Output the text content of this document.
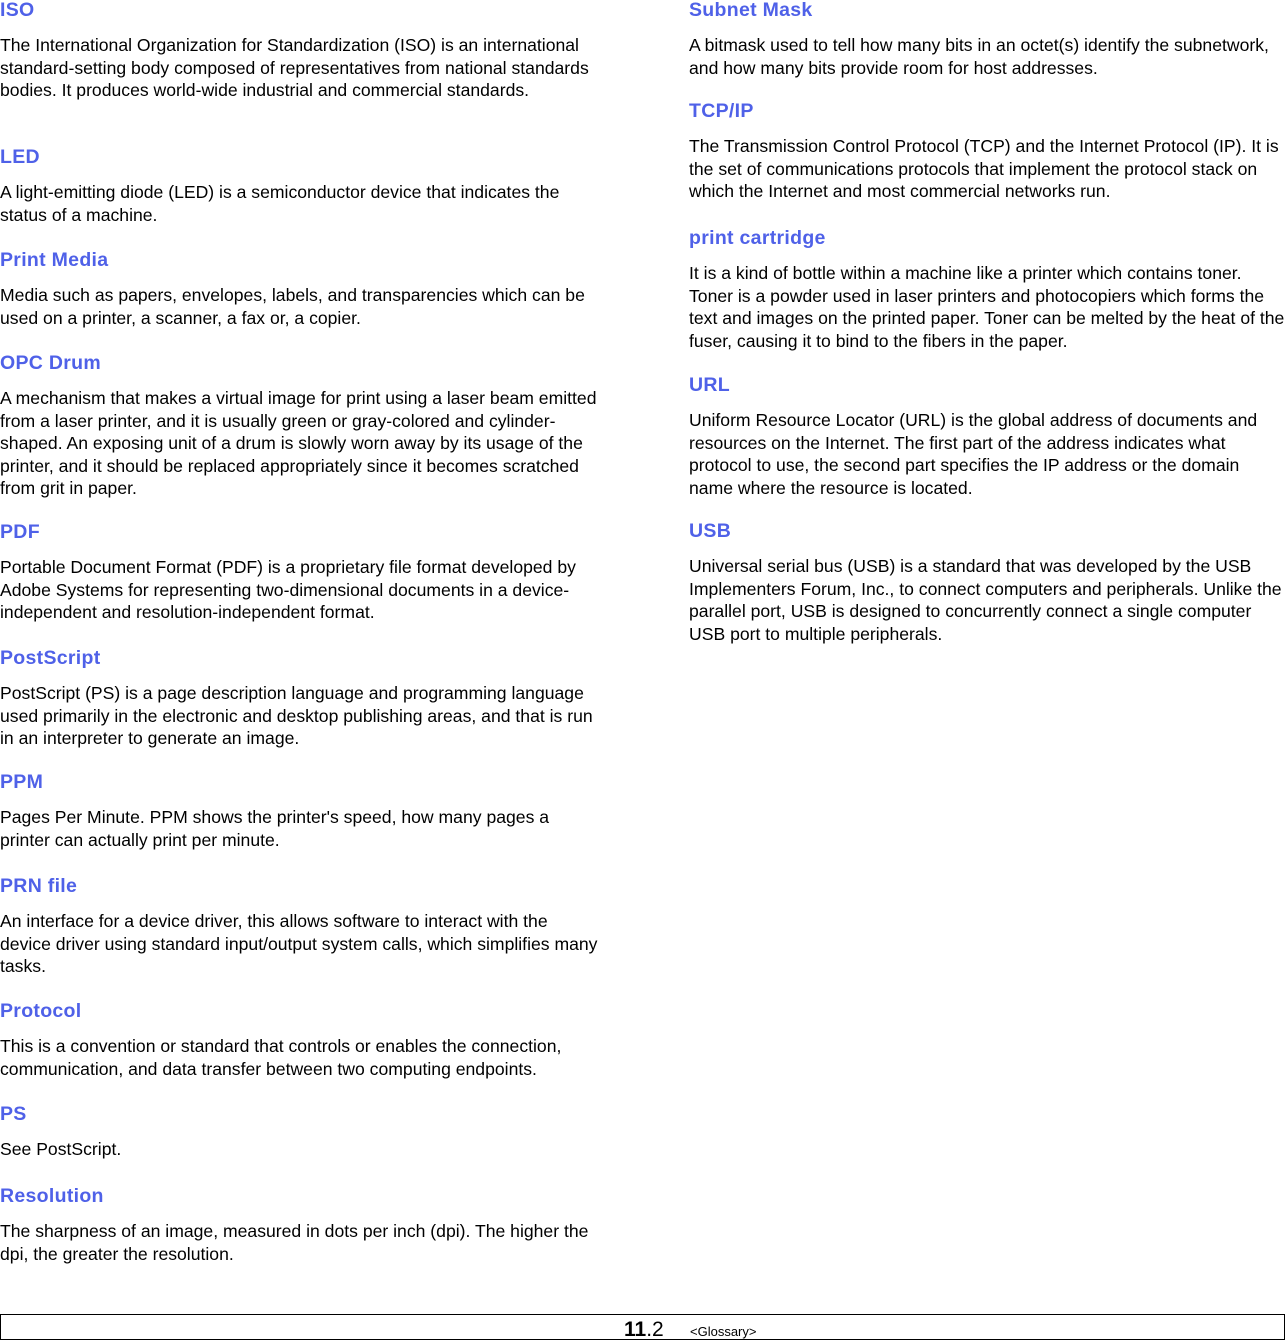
ISO

The International Organization for Standardization (ISO) is an international standard-setting body composed of representatives from national standards bodies. It produces world-wide industrial and commercial standards.

LED

A light-emitting diode (LED) is a semiconductor device that indicates the status of a machine.

Print Media

Media such as papers, envelopes, labels, and transparencies which can be used on a printer, a scanner, a fax or, a copier.

OPC Drum

A mechanism that makes a virtual image for print using a laser beam emitted from a laser printer, and it is usually green or gray-colored and cylinder-shaped. An exposing unit of a drum is slowly worn away by its usage of the printer, and it should be replaced appropriately since it becomes scratched from grit in paper.

PDF

Portable Document Format (PDF) is a proprietary file format developed by Adobe Systems for representing two-dimensional documents in a device-independent and resolution-independent format.

PostScript

PostScript (PS) is a page description language and programming language used primarily in the electronic and desktop publishing areas, and that is run in an interpreter to generate an image.

PPM

Pages Per Minute. PPM shows the printer's speed, how many pages a printer can actually print per minute.

PRN file

An interface for a device driver, this allows software to interact with the device driver using standard input/output system calls, which simplifies many tasks.

Protocol

This is a convention or standard that controls or enables the connection, communication, and data transfer between two computing endpoints.

PS

See PostScript.

Resolution

The sharpness of an image, measured in dots per inch (dpi). The higher the dpi, the greater the resolution.

Subnet Mask

A bitmask used to tell how many bits in an octet(s) identify the subnetwork, and how many bits provide room for host addresses.

TCP/IP

The Transmission Control Protocol (TCP) and the Internet Protocol (IP). It is the set of communications protocols that implement the protocol stack on which the Internet and most commercial networks run.

print cartridge

It is a kind of bottle within a machine like a printer which contains toner. Toner is a powder used in laser printers and photocopiers which forms the text and images on the printed paper. Toner can be melted by the heat of the fuser, causing it to bind to the fibers in the paper.

URL

Uniform Resource Locator (URL) is the global address of documents and resources on the Internet. The first part of the address indicates what protocol to use, the second part specifies the IP address or the domain name where the resource is located.

USB

Universal serial bus (USB) is a standard that was developed by the USB Implementers Forum, Inc., to connect computers and peripherals. Unlike the parallel port, USB is designed to concurrently connect a single computer USB port to multiple peripherals.

11.2 <Glossary>
